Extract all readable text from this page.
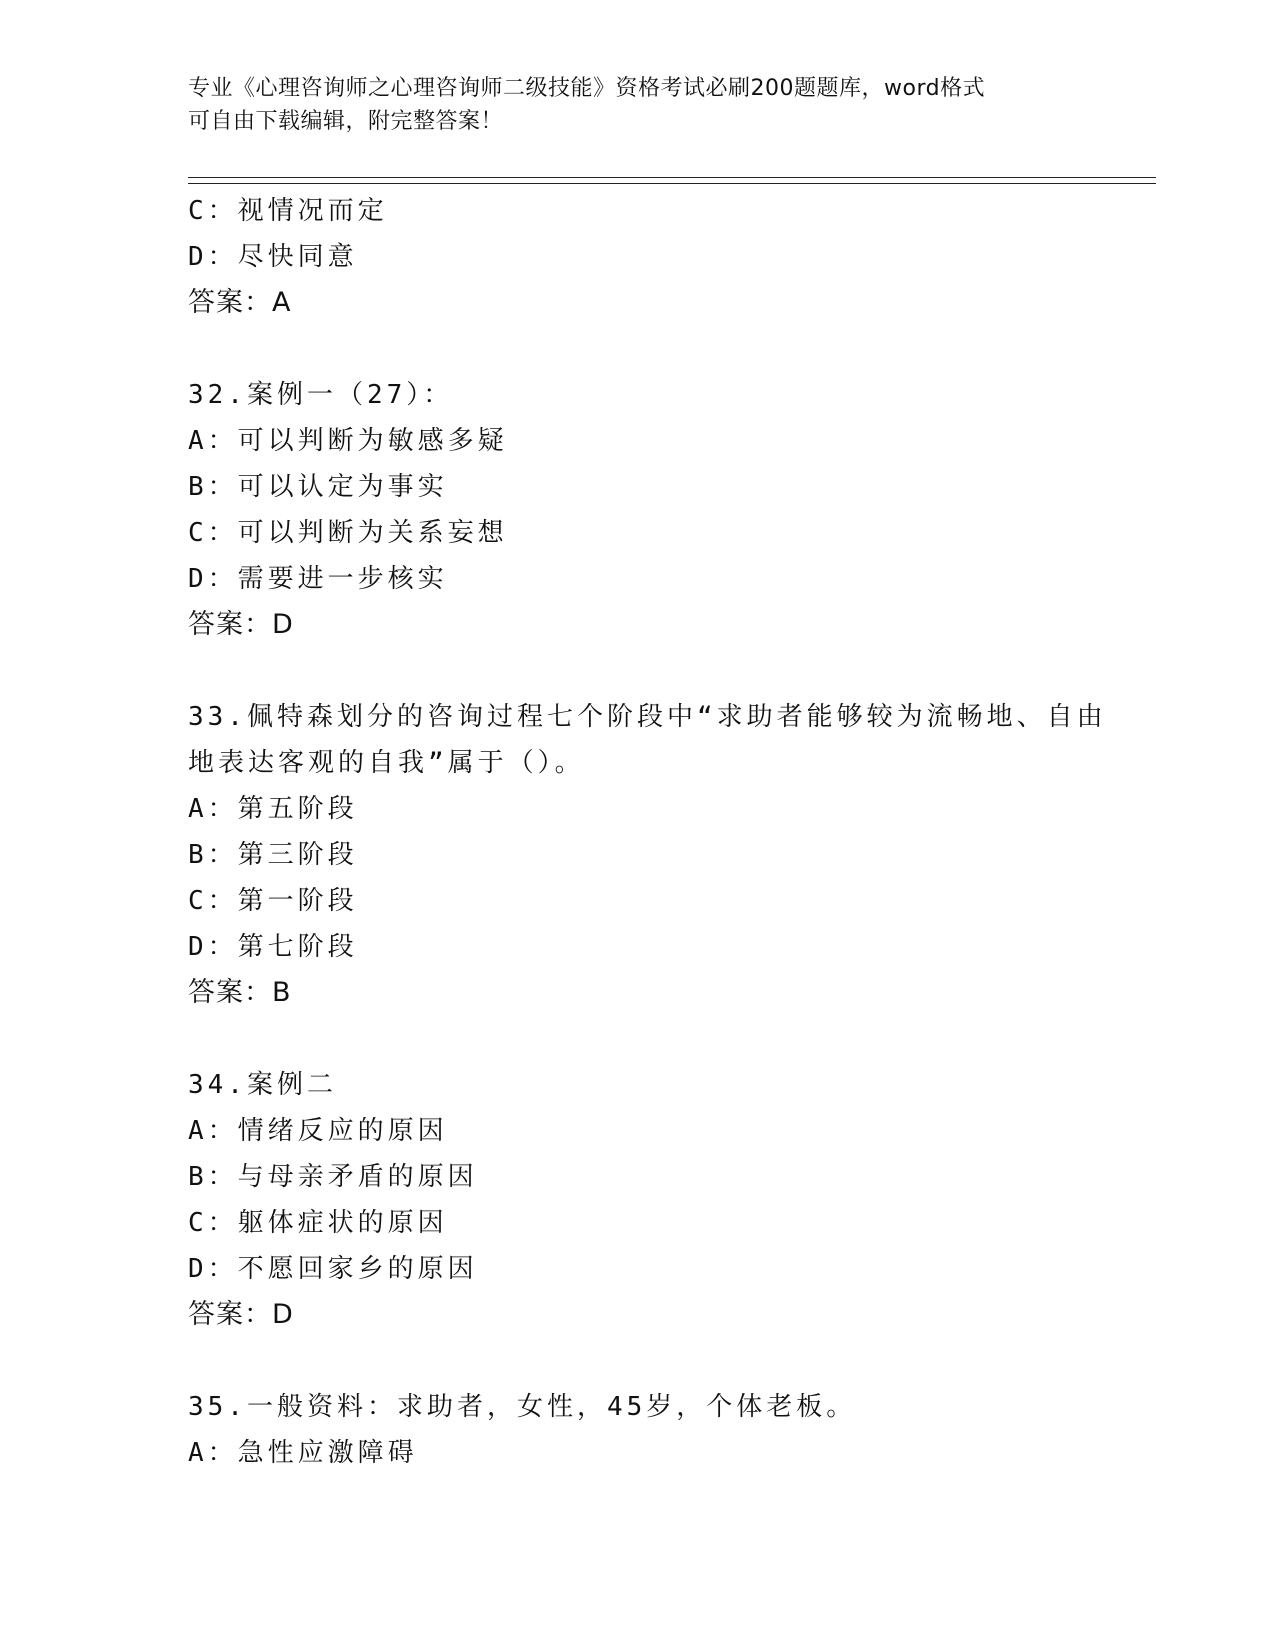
专业《心理咨询师之心理咨询师二级技能》资格考试必刷200题题库，word格式
可自由下载编辑，附完整答案！
C：视情况而定
D：尽快同意
答案：A
32.案例一（27）：
A：可以判断为敏感多疑
B：可以认定为事实
C：可以判断为关系妄想
D：需要进一步核实
答案：D
33.佩特森划分的咨询过程七个阶段中“求助者能够较为流畅地、自由
地表达客观的自我”属于（）。
A：第五阶段
B：第三阶段
C：第一阶段
D：第七阶段
答案：B
34.案例二
A：情绪反应的原因
B：与母亲矛盾的原因
C：躯体症状的原因
D：不愿回家乡的原因
答案：D
35.一般资料：求助者，女性，45岁，个体老板。
A：急性应激障碍
